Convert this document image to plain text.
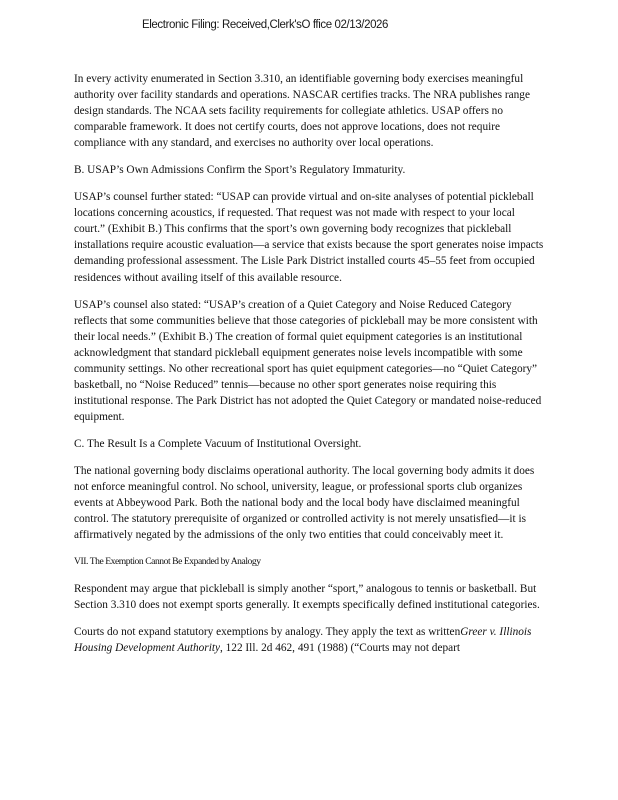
Electronic Filing: Received,Clerk'sO ffice 02/13/2026

In every activity enumerated in Section 3.310, an identifiable governing body exercises meaningful authority over facility standards and operations. NASCAR certifies tracks. The NRA publishes range design standards. The NCAA sets facility requirements for collegiate athletics. USAP offers no comparable framework. It does not certify courts, does not approve locations, does not require compliance with any standard, and exercises no authority over local operations.

B. USAP’s Own Admissions Confirm the Sport’s Regulatory Immaturity.

USAP’s counsel further stated: “USAP can provide virtual and on-site analyses of potential pickleball locations concerning acoustics, if requested. That request was not made with respect to your local court.” (Exhibit B.) This confirms that the sport’s own governing body recognizes that pickleball installations require acoustic evaluation—a service that exists because the sport generates noise impacts demanding professional assessment. The Lisle Park District installed courts 45–55 feet from occupied residences without availing itself of this available resource.

USAP’s counsel also stated: “USAP’s creation of a Quiet Category and Noise Reduced Category reflects that some communities believe that those categories of pickleball may be more consistent with their local needs.” (Exhibit B.) The creation of formal quiet equipment categories is an institutional acknowledgment that standard pickleball equipment generates noise levels incompatible with some community settings. No other recreational sport has quiet equipment categories—no “Quiet Category” basketball, no “Noise Reduced” tennis—because no other sport generates noise requiring this institutional response. The Park District has not adopted the Quiet Category or mandated noise-reduced equipment.

C. The Result Is a Complete Vacuum of Institutional Oversight.

The national governing body disclaims operational authority. The local governing body admits it does not enforce meaningful control. No school, university, league, or professional sports club organizes events at Abbeywood Park. Both the national body and the local body have disclaimed meaningful control. The statutory prerequisite of organized or controlled activity is not merely unsatisfied—it is affirmatively negated by the admissions of the only two entities that could conceivably meet it.

VII. The Exemption Cannot Be Expanded by Analogy

Respondent may argue that pickleball is simply another “sport,” analogous to tennis or basketball. But Section 3.310 does not exempt sports generally. It exempts specifically defined institutional categories.

Courts do not expand statutory exemptions by analogy. They apply the text as writtenGreer v. Illinois Housing Development Authority, 122 Ill. 2d 462, 491 (1988) (“Courts may not depart
